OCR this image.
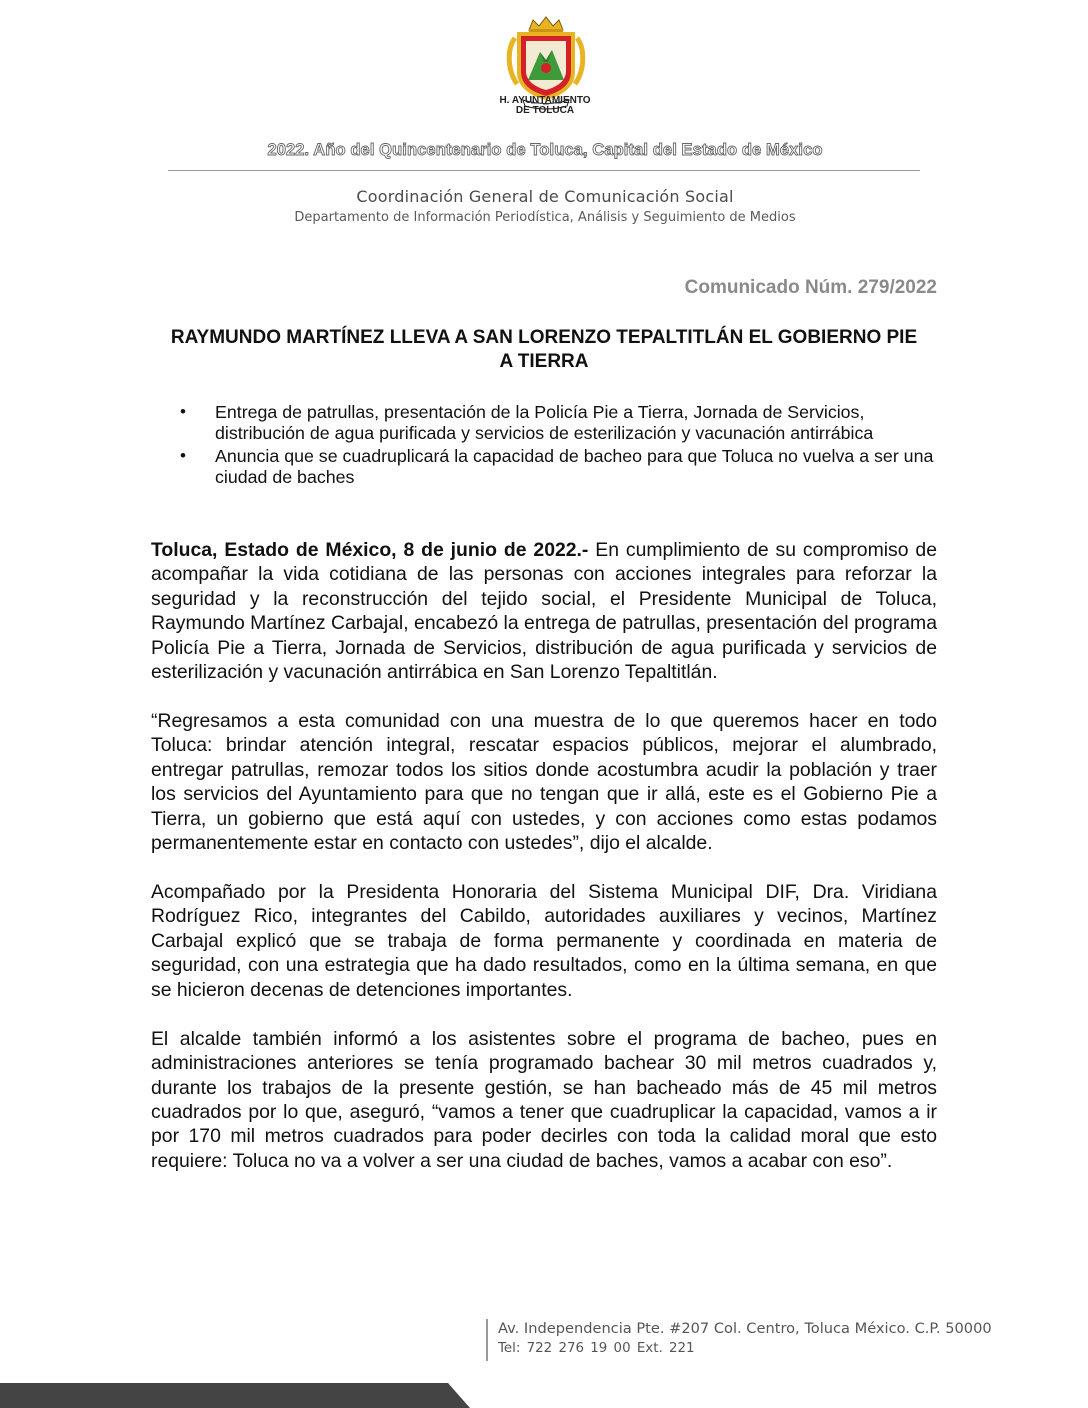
H. AYUNTAMIENTO
DE TOLUCA
2022. Año del Quincentenario de Toluca, Capital del Estado de México
Coordinación General de Comunicación Social
Departamento de Información Periodística, Análisis y Seguimiento de Medios
Comunicado Núm. 279/2022
RAYMUNDO MARTÍNEZ LLEVA A SAN LORENZO TEPALTITLÁN EL GOBIERNO PIE A TIERRA
• Entrega de patrullas, presentación de la Policía Pie a Tierra, Jornada de Servicios, distribución de agua purificada y servicios de esterilización y vacunación antirrábica
• Anuncia que se cuadruplicará la capacidad de bacheo para que Toluca no vuelva a ser una ciudad de baches

Toluca, Estado de México, 8 de junio de 2022.- En cumplimiento de su compromiso de acompañar la vida cotidiana de las personas con acciones integrales para reforzar la seguridad y la reconstrucción del tejido social, el Presidente Municipal de Toluca, Raymundo Martínez Carbajal, encabezó la entrega de patrullas, presentación del programa Policía Pie a Tierra, Jornada de Servicios, distribución de agua purificada y servicios de esterilización y vacunación antirrábica en San Lorenzo Tepaltitlán.

“Regresamos a esta comunidad con una muestra de lo que queremos hacer en todo Toluca: brindar atención integral, rescatar espacios públicos, mejorar el alumbrado, entregar patrullas, remozar todos los sitios donde acostumbra acudir la población y traer los servicios del Ayuntamiento para que no tengan que ir allá, este es el Gobierno Pie a Tierra, un gobierno que está aquí con ustedes, y con acciones como estas podamos permanentemente estar en contacto con ustedes”, dijo el alcalde.

Acompañado por la Presidenta Honoraria del Sistema Municipal DIF, Dra. Viridiana Rodríguez Rico, integrantes del Cabildo, autoridades auxiliares y vecinos, Martínez Carbajal explicó que se trabaja de forma permanente y coordinada en materia de seguridad, con una estrategia que ha dado resultados, como en la última semana, en que se hicieron decenas de detenciones importantes.

El alcalde también informó a los asistentes sobre el programa de bacheo, pues en administraciones anteriores se tenía programado bachear 30 mil metros cuadrados y, durante los trabajos de la presente gestión, se han bacheado más de 45 mil metros cuadrados por lo que, aseguró, “vamos a tener que cuadruplicar la capacidad, vamos a ir por 170 mil metros cuadrados para poder decirles con toda la calidad moral que esto requiere: Toluca no va a volver a ser una ciudad de baches, vamos a acabar con eso”.

Av. Independencia Pte. #207 Col. Centro, Toluca México. C.P. 50000
Tel: 722 276 19 00 Ext. 221
